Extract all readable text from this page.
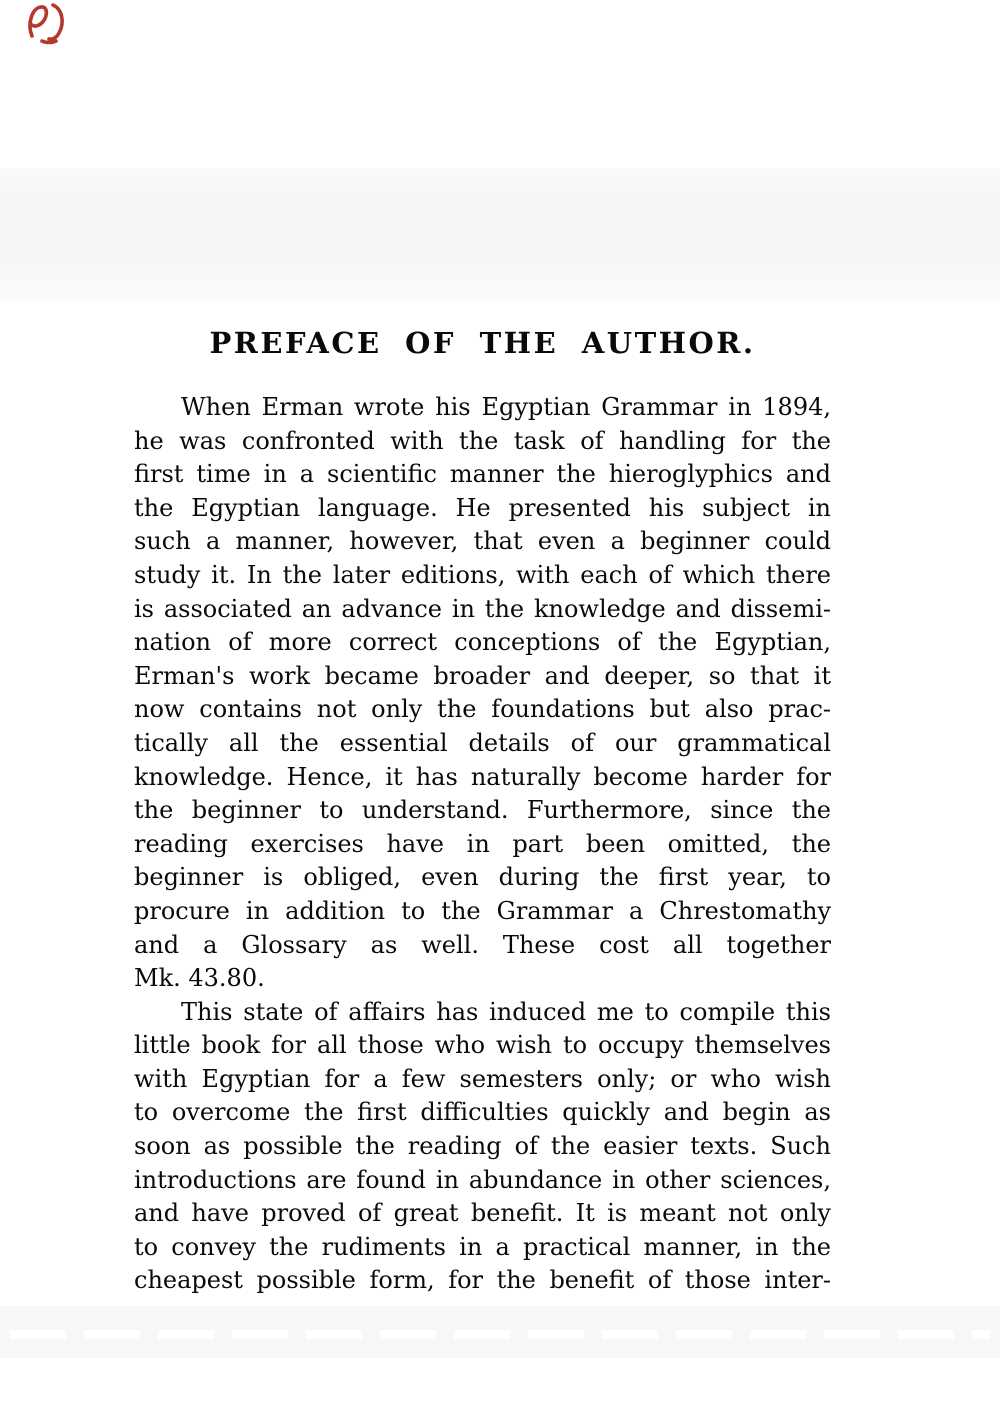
PREFACE OF THE AUTHOR.
When Erman wrote his Egyptian Grammar in 1894,
he was confronted with the task of handling for the
first time in a scientific manner the hieroglyphics and
the Egyptian language. He presented his subject in
such a manner, however, that even a beginner could
study it. In the later editions, with each of which there
is associated an advance in the knowledge and dissemi-
nation of more correct conceptions of the Egyptian,
Erman's work became broader and deeper, so that it
now contains not only the foundations but also prac-
tically all the essential details of our grammatical
knowledge. Hence, it has naturally become harder for
the beginner to understand. Furthermore, since the
reading exercises have in part been omitted, the
beginner is obliged, even during the first year, to
procure in addition to the Grammar a Chrestomathy
and a Glossary as well. These cost all together
Mk. 43.80.
This state of affairs has induced me to compile this
little book for all those who wish to occupy themselves
with Egyptian for a few semesters only; or who wish
to overcome the first difficulties quickly and begin as
soon as possible the reading of the easier texts. Such
introductions are found in abundance in other sciences,
and have proved of great benefit. It is meant not only
to convey the rudiments in a practical manner, in the
cheapest possible form, for the benefit of those inter-
